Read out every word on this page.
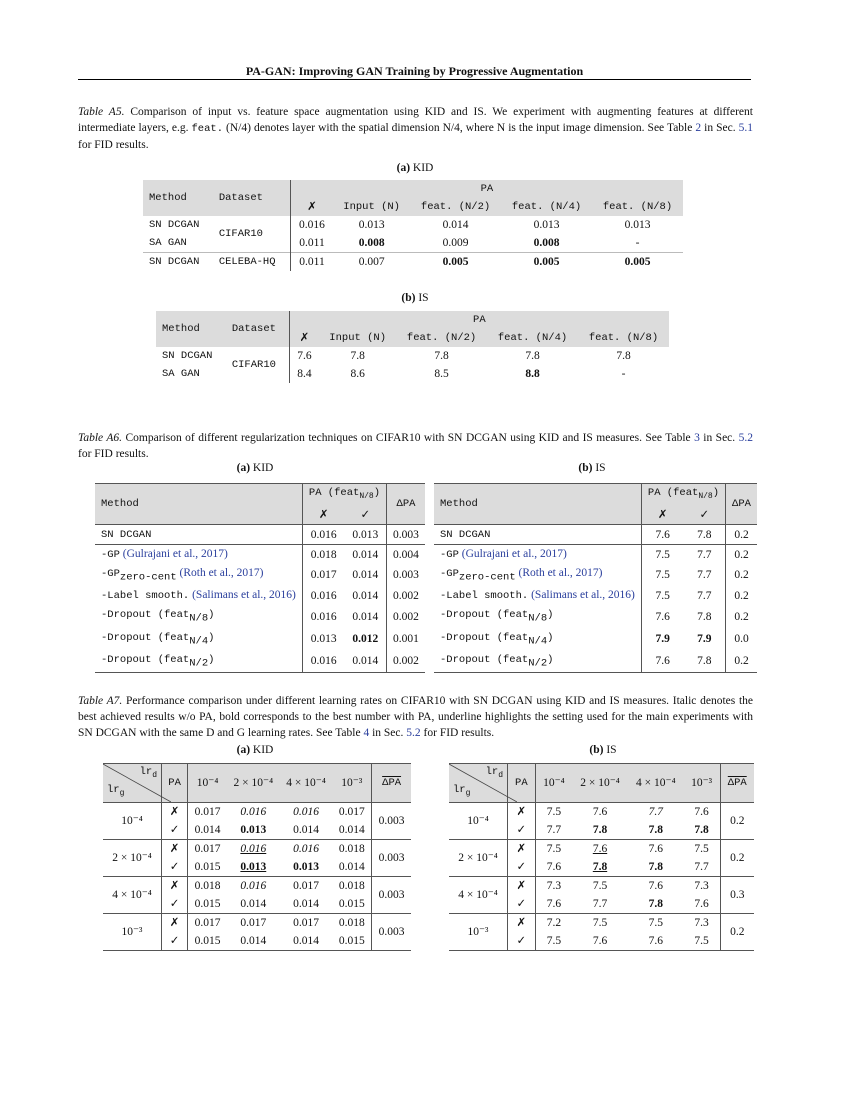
PA-GAN: Improving GAN Training by Progressive Augmentation
Table A5. Comparison of input vs. feature space augmentation using KID and IS. We experiment with augmenting features at different intermediate layers, e.g. feat. (N/4) denotes layer with the spatial dimension N/4, where N is the input image dimension. See Table 2 in Sec. 5.1 for FID results.
(a) KID
Method	Dataset	PA				
		✗	Input (N)	feat. (N/2)	feat. (N/4)	feat. (N/8)
SN DCGAN	CIFAR10	0.016	0.013	0.014	0.013	0.013
SA GAN		0.011	0.008	0.009	0.008	-
SN DCGAN	CELEBA-HQ	0.011	0.007	0.005	0.005	0.005
(b) IS
Method	Dataset	PA				
		✗	Input (N)	feat. (N/2)	feat. (N/4)	feat. (N/8)
SN DCGAN	CIFAR10	7.6	7.8	7.8	7.8	7.8
SA GAN		8.4	8.6	8.5	8.8	-
Table A6. Comparison of different regularization techniques on CIFAR10 with SN DCGAN using KID and IS measures. See Table 3 in Sec. 5.2 for FID results.
(a) KID	(b) IS
Method	PA (feat$_{N/8}$)		ΔPA
	✗	✓	
SN DCGAN	0.016	0.013	0.003
-GP (Gulrajani et al., 2017)	0.018	0.014	0.004
$-GP_{zero-cent}$ (Roth et al., 2017)	0.017	0.014	0.003
-Label smooth. (Salimans et al., 2016)	0.016	0.014	0.002
-Dropout (feat$_{N/8}$)	0.016	0.014	0.002
-Dropout (feat$_{N/4}$)	0.013	0.012	0.001
-Dropout (feat$_{N/2}$)	0.016	0.014	0.002
Method	PA (feat$_{N/8}$)		ΔPA
	✗	✓	
SN DCGAN	7.6	7.8	0.2
-GP (Gulrajani et al., 2017)	7.5	7.7	0.2
$-GP_{zero-cent}$ (Roth et al., 2017)	7.5	7.7	0.2
-Label smooth. (Salimans et al., 2016)	7.5	7.7	0.2
-Dropout (feat$_{N/8}$)	7.6	7.8	0.2
-Dropout (feat$_{N/4}$)	7.9	7.9	0.0
-Dropout (feat$_{N/2}$)	7.6	7.8	0.2
Table A7. Performance comparison under different learning rates on CIFAR10 with SN DCGAN using KID and IS measures. Italic denotes the best achieved results w/o PA, bold corresponds to the best number with PA, underline highlights the setting used for the main experiments with SN DCGAN with the same D and G learning rates. See Table 4 in Sec. 5.2 for FID results.
(a) KID	(b) IS
$lr_d$
$lr_g$	PA	10⁻⁴	2 × 10⁻⁴	4 × 10⁻⁴	10⁻³	$\overline{\Delta PA}$
10⁻⁴	✗	0.017	0.016	0.016	0.017	0.003
	✓	0.014	0.013	0.014	0.014	
2 × 10⁻⁴	✗	0.017	0.016	0.016	0.018	0.003
	✓	0.015	0.013	0.013	0.014	
4 × 10⁻⁴	✗	0.018	0.016	0.017	0.018	0.003
	✓	0.015	0.014	0.014	0.015	
10⁻³	✗	0.017	0.017	0.017	0.018	0.003
	✓	0.015	0.014	0.014	0.015	
$lr_d$
$lr_g$	PA	10⁻⁴	2 × 10⁻⁴	4 × 10⁻⁴	10⁻³	$\overline{\Delta PA}$
10⁻⁴	✗	7.5	7.6	7.7	7.6	0.2
	✓	7.7	7.8	7.8	7.8	
2 × 10⁻⁴	✗	7.5	7.6	7.6	7.5	0.2
	✓	7.6	7.8	7.8	7.7	
4 × 10⁻⁴	✗	7.3	7.5	7.6	7.3	0.3
	✓	7.6	7.7	7.8	7.6	
10⁻³	✗	7.2	7.5	7.5	7.3	0.2
	✓	7.5	7.6	7.6	7.5	
